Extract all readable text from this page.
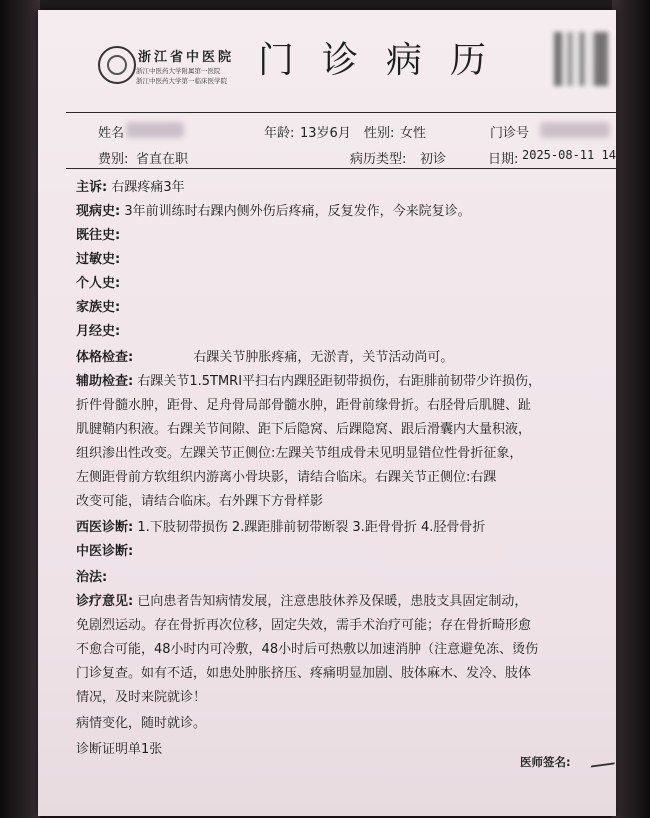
浙江省中医院
浙江中医药大学附属第一医院
浙江中医药大学第一临床医学院 门诊病历
姓名	年龄: 13岁6月 性别: 女性	门诊号
费别: 省直在职	病历类型: 初诊	日期: 2025-08-11 14
主诉: 右踝疼痛3年
现病史: 3年前训练时右踝内侧外伤后疼痛，反复发作，今来院复诊。
既往史:
过敏史:
个人史:
家族史:
月经史:
体格检查:	右踝关节肿胀疼痛，无淤青，关节活动尚可。
辅助检查: 右踝关节1.5TMRI平扫右内踝胫距韧带损伤，右距腓前韧带少许损伤，
折件骨髓水肿，距骨、足舟骨局部骨髓水肿，距骨前缘骨折。右胫骨后肌腱、趾
肌腱鞘内积液。右踝关节间隙、距下后隐窝、后踝隐窝、跟后滑囊内大量积液，
组织渗出性改变。左踝关节正侧位:左踝关节组成骨未见明显错位性骨折征象，
左侧距骨前方软组织内游离小骨块影，请结合临床。右踝关节正侧位:右踝
改变可能，请结合临床。右外踝下方骨样影
西医诊断: 1.下肢韧带损伤 2.踝距腓前韧带断裂 3.距骨骨折 4.胫骨骨折
中医诊断:
治法:
诊疗意见: 已向患者告知病情发展，注意患肢休养及保暖，患肢支具固定制动，
免剧烈运动。存在骨折再次位移，固定失效，需手术治疗可能；存在骨折畸形愈
不愈合可能，48小时内可冷敷，48小时后可热敷以加速消肿（注意避免冻、烫伤
门诊复查。如有不适，如患处肿胀挤压、疼痛明显加剧、肢体麻木、发冷、肢体
情况，及时来院就诊！
病情变化，随时就诊。
诊断证明单1张
医师签名:
